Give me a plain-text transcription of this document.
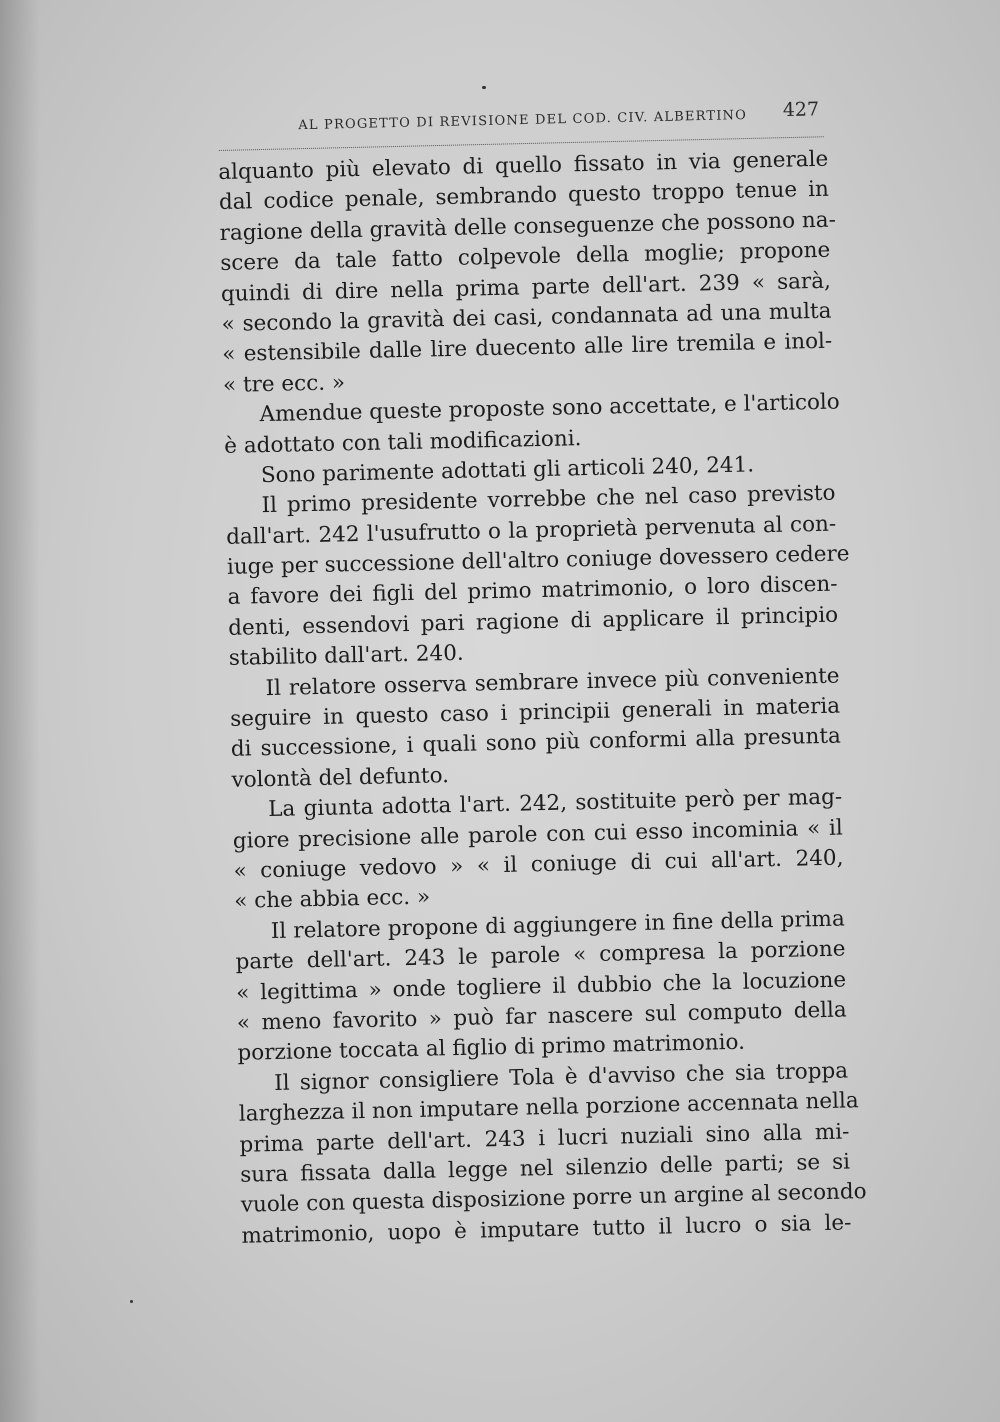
AL PROGETTO DI REVISIONE DEL COD. CIV. ALBERTINO 427
alquanto più elevato di quello fissato in via generale
dal codice penale, sembrando questo troppo tenue in
ragione della gravità delle conseguenze che possono na-
scere da tale fatto colpevole della moglie; propone
quindi di dire nella prima parte dell'art. 239 « sarà,
« secondo la gravità dei casi, condannata ad una multa
« estensibile dalle lire duecento alle lire tremila e inol-
« tre ecc. »
Amendue queste proposte sono accettate, e l'articolo
è adottato con tali modificazioni.
Sono parimente adottati gli articoli 240, 241.
Il primo presidente vorrebbe che nel caso previsto
dall'art. 242 l'usufrutto o la proprietà pervenuta al con-
iuge per successione dell'altro coniuge dovessero cedere
a favore dei figli del primo matrimonio, o loro discen-
denti, essendovi pari ragione di applicare il principio
stabilito dall'art. 240.
Il relatore osserva sembrare invece più conveniente
seguire in questo caso i principii generali in materia
di successione, i quali sono più conformi alla presunta
volontà del defunto.
La giunta adotta l'art. 242, sostituite però per mag-
giore precisione alle parole con cui esso incominia « il
« coniuge vedovo » « il coniuge di cui all'art. 240,
« che abbia ecc. »
Il relatore propone di aggiungere in fine della prima
parte dell'art. 243 le parole « compresa la porzione
« legittima » onde togliere il dubbio che la locuzione
« meno favorito » può far nascere sul computo della
porzione toccata al figlio di primo matrimonio.
Il signor consigliere Tola è d'avviso che sia troppa
larghezza il non imputare nella porzione accennata nella
prima parte dell'art. 243 i lucri nuziali sino alla mi-
sura fissata dalla legge nel silenzio delle parti; se si
vuole con questa disposizione porre un argine al secondo
matrimonio, uopo è imputare tutto il lucro o sia le-
